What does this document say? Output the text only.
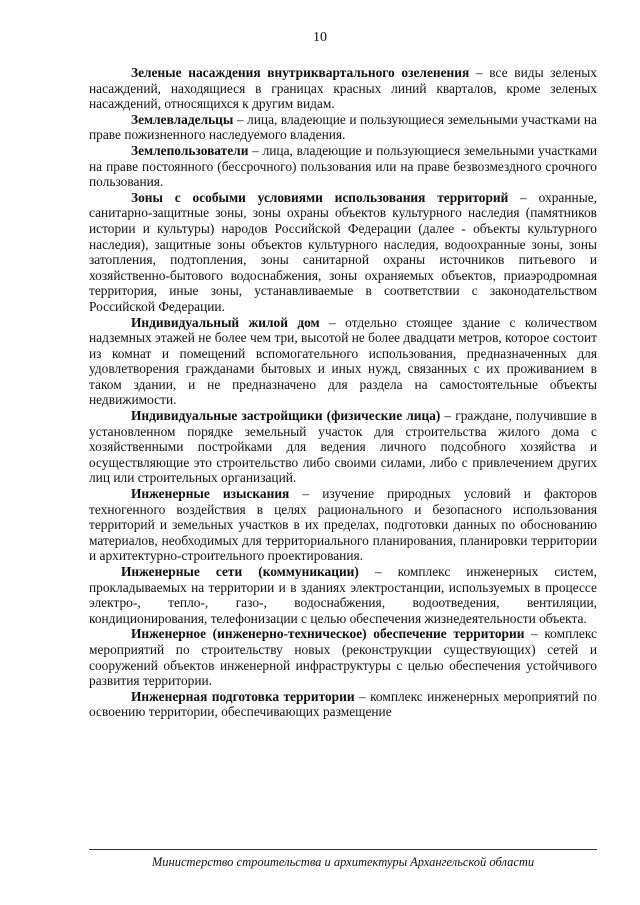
10

Зеленые насаждения внутриквартального озеленения – все виды зеленых насаждений, находящиеся в границах красных линий кварталов, кроме зеленых насаждений, относящихся к другим видам.

Землевладельцы – лица, владеющие и пользующиеся земельными участками на праве пожизненного наследуемого владения.

Землепользователи – лица, владеющие и пользующиеся земельными участками на праве постоянного (бессрочного) пользования или на праве безвозмездного срочного пользования.

Зоны с особыми условиями использования территорий – охранные, санитарно-защитные зоны, зоны охраны объектов культурного наследия (памятников истории и культуры) народов Российской Федерации (далее - объекты культурного наследия), защитные зоны объектов культурного наследия, водоохранные зоны, зоны затопления, подтопления, зоны санитарной охраны источников питьевого и хозяйственно-бытового водоснабжения, зоны охраняемых объектов, приаэродромная территория, иные зоны, устанавливаемые в соответствии с законодательством Российской Федерации.

Индивидуальный жилой дом – отдельно стоящее здание с количеством надземных этажей не более чем три, высотой не более двадцати метров, которое состоит из комнат и помещений вспомогательного использования, предназначенных для удовлетворения гражданами бытовых и иных нужд, связанных с их проживанием в таком здании, и не предназначено для раздела на самостоятельные объекты недвижимости.

Индивидуальные застройщики (физические лица) – граждане, получившие в установленном порядке земельный участок для строительства жилого дома с хозяйственными постройками для ведения личного подсобного хозяйства и осуществляющие это строительство либо своими силами, либо с привлечением других лиц или строительных организаций.

Инженерные изыскания – изучение природных условий и факторов техногенного воздействия в целях рационального и безопасного использования территорий и земельных участков в их пределах, подготовки данных по обоснованию материалов, необходимых для территориального планирования, планировки территории и архитектурно-строительного проектирования.

Инженерные сети (коммуникации) – комплекс инженерных систем, прокладываемых на территории и в зданиях электростанции, используемых в процессе электро-, тепло-, газо-, водоснабжения, водоотведения, вентиляции, кондиционирования, телефонизации с целью обеспечения жизнедеятельности объекта.

Инженерное (инженерно-техническое) обеспечение территории – комплекс мероприятий по строительству новых (реконструкции существующих) сетей и сооружений объектов инженерной инфраструктуры с целью обеспечения устойчивого развития территории.

Инженерная подготовка территории – комплекс инженерных мероприятий по освоению территории, обеспечивающих размещение

Министерство строительства и архитектуры Архангельской области
